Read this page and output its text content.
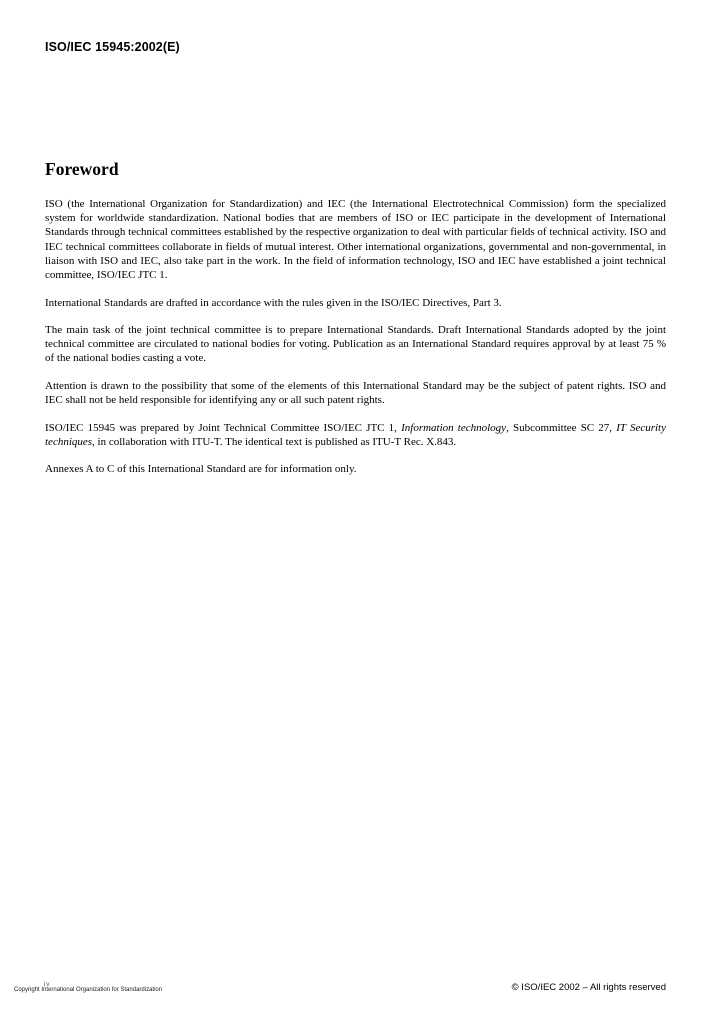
ISO/IEC 15945:2002(E)
Foreword

ISO (the International Organization for Standardization) and IEC (the International Electrotechnical Commission) form the specialized system for worldwide standardization. National bodies that are members of ISO or IEC participate in the development of International Standards through technical committees established by the respective organization to deal with particular fields of technical activity. ISO and IEC technical committees collaborate in fields of mutual interest. Other international organizations, governmental and non-governmental, in liaison with ISO and IEC, also take part in the work. In the field of information technology, ISO and IEC have established a joint technical committee, ISO/IEC JTC 1.

International Standards are drafted in accordance with the rules given in the ISO/IEC Directives, Part 3.

The main task of the joint technical committee is to prepare International Standards. Draft International Standards adopted by the joint technical committee are circulated to national bodies for voting. Publication as an International Standard requires approval by at least 75 % of the national bodies casting a vote.

Attention is drawn to the possibility that some of the elements of this International Standard may be the subject of patent rights. ISO and IEC shall not be held responsible for identifying any or all such patent rights.

ISO/IEC 15945 was prepared by Joint Technical Committee ISO/IEC JTC 1, Information technology, Subcommittee SC 27, IT Security techniques, in collaboration with ITU-T. The identical text is published as ITU-T Rec. X.843.

Annexes A to C of this International Standard are for information only.

iv
Copyright International Organization for Standardization	© ISO/IEC 2002 – All rights reserved
